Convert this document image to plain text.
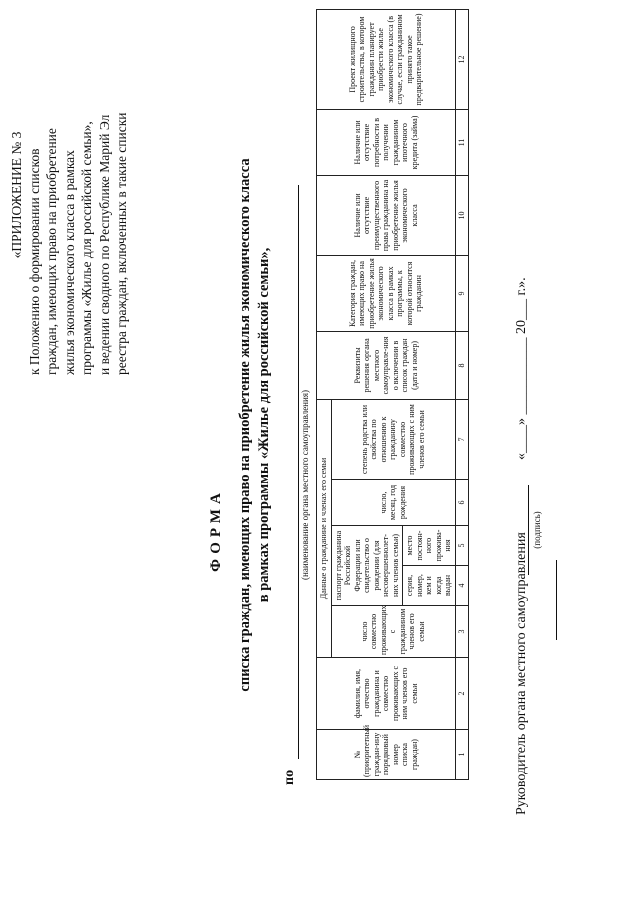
«ПРИЛОЖЕНИЕ № 3 к Положению о формировании списков граждан, имеющих право на приобретение жилья экономического класса в рамках программы «Жилье для российской семьи», и ведении сводного по Республике Марий Эл реестра граждан, включенных в такие списки
ФОРМА списка граждан, имеющих право на приобретение жилья экономического класса в рамках программы «Жилье для российской семьи»,
по
(наименование органа местного самоуправления)
№ (приоритетный граждан-ину порядковый номер списка граждан)	фамилия, имя, отчество гражданина и совместно проживающих с ним членов его семьи	Данные о гражданине и членах его семьи					Реквизиты решения органа местного самоуправле-ния о включении в список граждан (дата и номер)	Категория граждан, имеющих право на приобретение жилья экономического класса в рамках программы, к которой относится гражданин	Наличие или отсутствие преимущественного права гражданина на приобретение жилья экономического класса	Наличие или отсутствие потребности в получении гражданином ипотечного кредита (займа)	Проект жилищного строительства, в котором гражданин планирует приобрести жилье экономического класса (в случае, если гражданином принято такое предварительное решение)
		число совместно проживающих с гражданином членов его семьи	паспорт гражданина Российской Федерации или свидетельство о рождении (для несовершеннолет-них членов семьи)		число, месяц, год рождения	степень родства или свойства по отношению к гражданину совместно проживающих с ним членов его семьи					
			серия, номер, кем и когда выдан	место постоян-ного прожива-ния							
1	2	3	4	5	6	7	8	9	10	11	12
Руководитель органа местного самоуправления
(подпись)
«____» ___________ 20___ г.».
